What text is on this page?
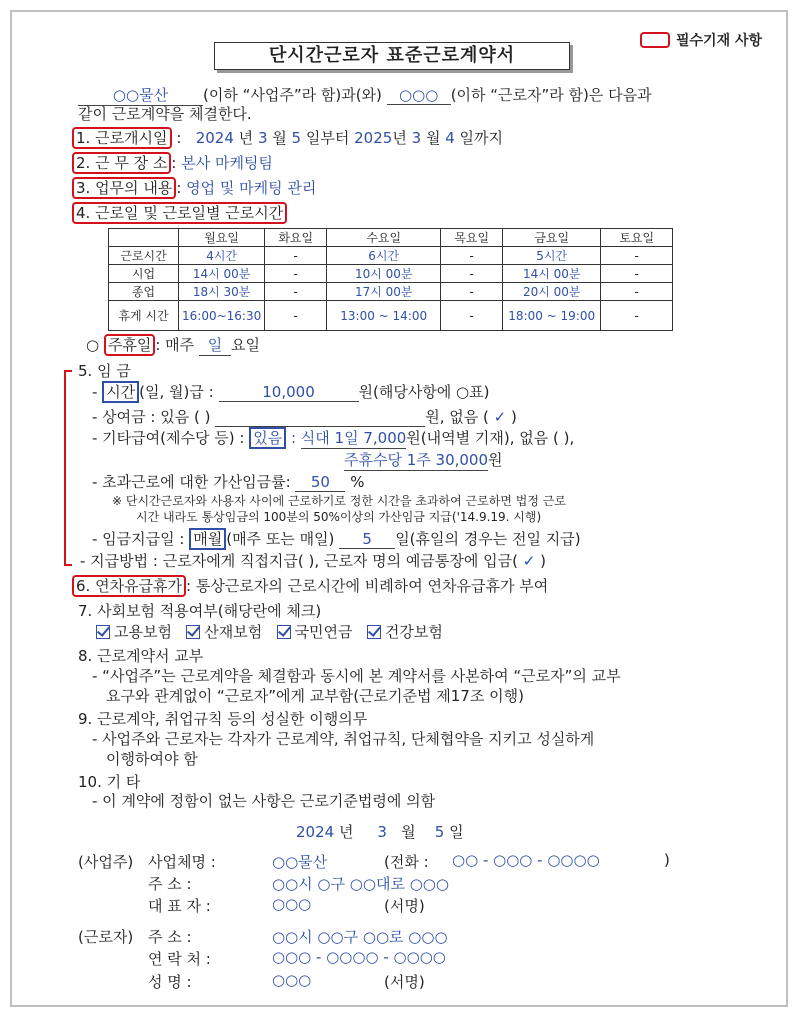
필수기재 사항
단시간근로자 표준근로계약서
○○물산 (이하 “사업주”라 함)과(와) ○○○ (이하 “근로자”라 함)은 다음과
같이 근로계약을 체결한다.
1. 근로개시일 : 2024 년 3 월 5 일부터 2025년 3 월 4 일까지
2. 근 무 장 소 : 본사 마케팅팀
3. 업무의 내용 : 영업 및 마케팅 관리
4. 근로일 및 근로일별 근로시간
	월요일	화요일	수요일	목요일	금요일	토요일
근로시간	4시간	-	6시간	-	5시간	-
시업	14시 00분	-	10시 00분	-	14시 00분	-
종업	18시 30분	-	17시 00분	-	20시 00분	-
휴게 시간	16:00~16:30	-	13:00 ~ 14:00	-	18:00 ~ 19:00	-
○ 주휴일 : 매주 일 요일
5. 임 금
- 시간 (일, 월)급 :	10,000	원(해당사항에 ○표)
- 상여금 : 있음 ( )	원, 없음 ( ✓ )
- 기타급여(제수당 등) : 있음 : 식대 1일 7,000원(내역별 기재), 없음 ( ),
주휴수당 1주 30,000원
- 초과근로에 대한 가산임금률: 50 %
※ 단시간근로자와 사용자 사이에 근로하기로 정한 시간을 초과하여 근로하면 법정 근로
시간 내라도 통상임금의 100분의 50%이상의 가산임금 지급('14.9.19. 시행)
- 임금지급일 : 매월 (매주 또는 매일) 5 일(휴일의 경우는 전일 지급)
- 지급방법 : 근로자에게 직접지급( ), 근로자 명의 예금통장에 입금( ✓ )
6. 연차유급휴가 : 통상근로자의 근로시간에 비례하여 연차유급휴가 부여
7. 사회보험 적용여부(해당란에 체크)
고용보험 산재보험 국민연금 건강보험
8. 근로계약서 교부
- “사업주”는 근로계약을 체결함과 동시에 본 계약서를 사본하여 “근로자”의 교부
요구와 관계없이 “근로자”에게 교부함(근로기준법 제17조 이행)
9. 근로계약, 취업규칙 등의 성실한 이행의무
- 사업주와 근로자는 각자가 근로계약, 취업규칙, 단체협약을 지키고 성실하게
이행하여야 함
10. 기 타
- 이 계약에 정함이 없는 사항은 근로기준법령에 의함
2024 년 3 월 5 일
(사업주) 사업체명 :	○○물산	(전화 : ○○ - ○○○ - ○○○○	)
주 소 :	○○시 ○구 ○○대로 ○○○
대 표 자 :	○○○	(서명)
(근로자) 주 소 :	○○시 ○○구 ○○로 ○○○
연 락 처 :	○○○ - ○○○○ - ○○○○
성 명 :	○○○	(서명)
